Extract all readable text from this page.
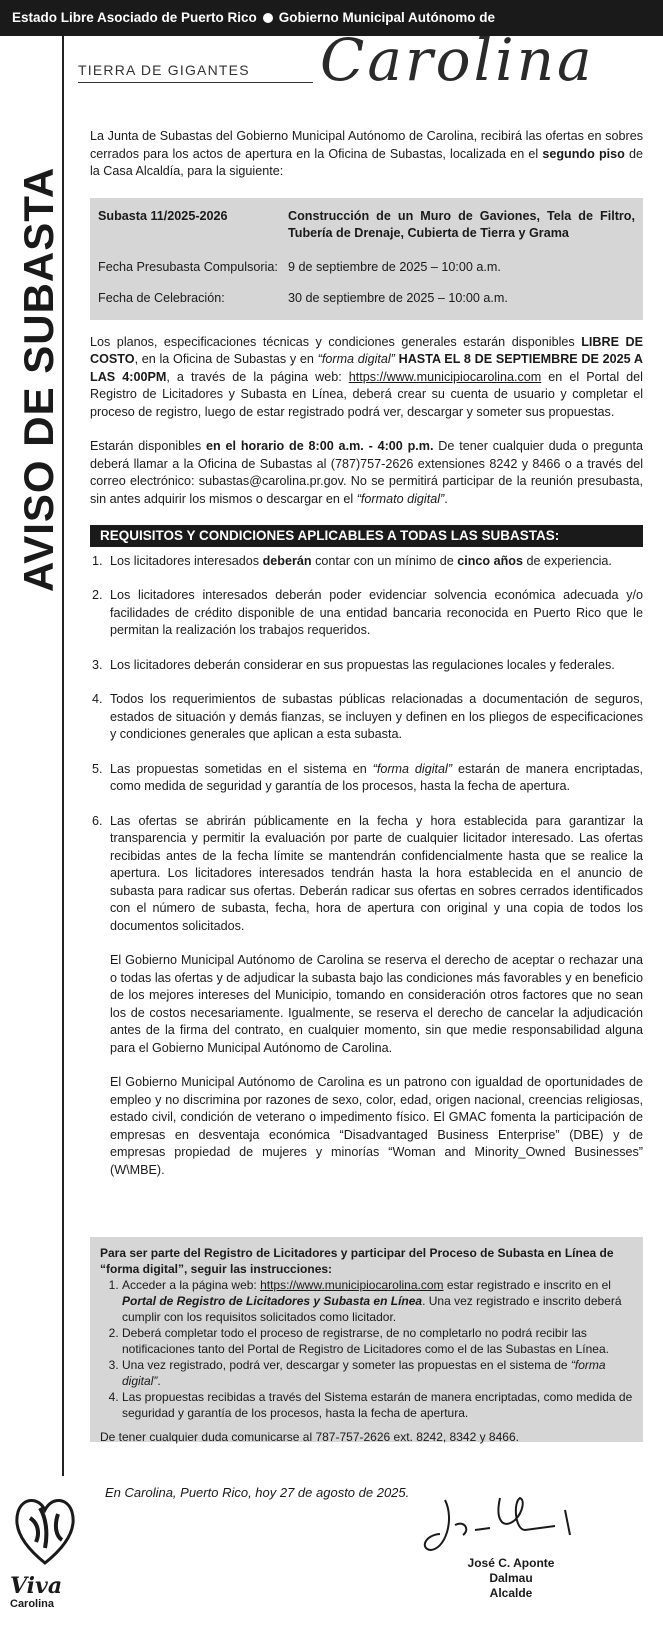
Estado Libre Asociado de Puerto Rico Gobierno Municipal Autónomo de
TIERRA DE GIGANTES Carolina
AVISO DE SUBASTA

La Junta de Subastas del Gobierno Municipal Autónomo de Carolina, recibirá las ofertas en sobres cerrados para los actos de apertura en la Oficina de Subastas, localizada en el segundo piso de la Casa Alcaldía, para la siguiente:

Subasta 11/2025-2026	Construcción de un Muro de Gaviones, Tela de Filtro, Tubería de Drenaje, Cubierta de Tierra y Grama
Fecha Presubasta Compulsoria: 9 de septiembre de 2025 – 10:00 a.m.
Fecha de Celebración:	30 de septiembre de 2025 – 10:00 a.m.

Los planos, especificaciones técnicas y condiciones generales estarán disponibles LIBRE DE COSTO, en la Oficina de Subastas y en “forma digital” HASTA EL 8 DE SEPTIEMBRE DE 2025 A LAS 4:00PM, a través de la página web: https://www.municipiocarolina.com en el Portal del Registro de Licitadores y Subasta en Línea, deberá crear su cuenta de usuario y completar el proceso de registro, luego de estar registrado podrá ver, descargar y someter sus propuestas.

Estarán disponibles en el horario de 8:00 a.m. - 4:00 p.m. De tener cualquier duda o pregunta deberá llamar a la Oficina de Subastas al (787)757-2626 extensiones 8242 y 8466 o a través del correo electrónico: subastas@carolina.pr.gov. No se permitirá participar de la reunión presubasta, sin antes adquirir los mismos o descargar en el “formato digital”.

REQUISITOS Y CONDICIONES APLICABLES A TODAS LAS SUBASTAS:
1. Los licitadores interesados deberán contar con un mínimo de cinco años de experiencia.
2. Los licitadores interesados deberán poder evidenciar solvencia económica adecuada y/o facilidades de crédito disponible de una entidad bancaria reconocida en Puerto Rico que le permitan la realización los trabajos requeridos.
3. Los licitadores deberán considerar en sus propuestas las regulaciones locales y federales.
4. Todos los requerimientos de subastas públicas relacionadas a documentación de seguros, estados de situación y demás fianzas, se incluyen y definen en los pliegos de especificaciones y condiciones generales que aplican a esta subasta.
5. Las propuestas sometidas en el sistema en “forma digital” estarán de manera encriptadas, como medida de seguridad y garantía de los procesos, hasta la fecha de apertura.
6. Las ofertas se abrirán públicamente en la fecha y hora establecida para garantizar la transparencia y permitir la evaluación por parte de cualquier licitador interesado. Las ofertas recibidas antes de la fecha límite se mantendrán confidencialmente hasta que se realice la apertura. Los licitadores interesados tendrán hasta la hora establecida en el anuncio de subasta para radicar sus ofertas. Deberán radicar sus ofertas en sobres cerrados identificados con el número de subasta, fecha, hora de apertura con original y una copia de todos los documentos solicitados.

El Gobierno Municipal Autónomo de Carolina se reserva el derecho de aceptar o rechazar una o todas las ofertas y de adjudicar la subasta bajo las condiciones más favorables y en beneficio de los mejores intereses del Municipio, tomando en consideración otros factores que no sean los de costos necesariamente. Igualmente, se reserva el derecho de cancelar la adjudicación antes de la firma del contrato, en cualquier momento, sin que medie responsabilidad alguna para el Gobierno Municipal Autónomo de Carolina.

El Gobierno Municipal Autónomo de Carolina es un patrono con igualdad de oportunidades de empleo y no discrimina por razones de sexo, color, edad, origen nacional, creencias religiosas, estado civil, condición de veterano o impedimento físico. El GMAC fomenta la participación de empresas en desventaja económica “Disadvantaged Business Enterprise” (DBE) y de empresas propiedad de mujeres y minorías “Woman and Minority_Owned Businesses” (W\MBE).

Para ser parte del Registro de Licitadores y participar del Proceso de Subasta en Línea de “forma digital”, seguir las instrucciones:
1. Acceder a la página web: https://www.municipiocarolina.com estar registrado e inscrito en el Portal de Registro de Licitadores y Subasta en Línea. Una vez registrado e inscrito deberá cumplir con los requisitos solicitados como licitador.
2. Deberá completar todo el proceso de registrarse, de no completarlo no podrá recibir las notificaciones tanto del Portal de Registro de Licitadores como el de las Subastas en Línea.
3. Una vez registrado, podrá ver, descargar y someter las propuestas en el sistema de “forma digital”.
4. Las propuestas recibidas a través del Sistema estarán de manera encriptadas, como medida de seguridad y garantía de los procesos, hasta la fecha de apertura.
De tener cualquier duda comunicarse al 787-757-2626 ext. 8242, 8342 y 8466.
En Carolina, Puerto Rico, hoy 27 de agosto de 2025.
Viva
Carolina
José C. Aponte Dalmau
Alcalde
